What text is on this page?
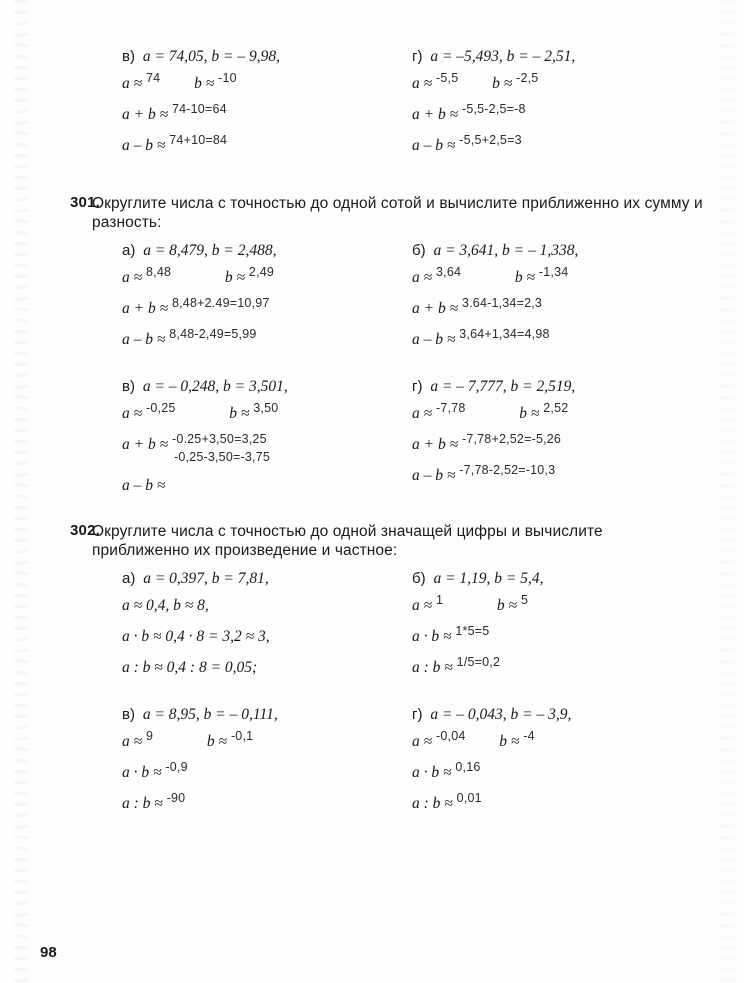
в) a = 74,05, b = – 9,98,
a ≈ $^{74}$ b ≈ $^{-10}$
a + b ≈ $^{74-10=64}$
a – b ≈ $^{74+10=84}$
г) a = –5,493, b = – 2,51,
a ≈ $^{-5,5}$ b ≈ $^{-2,5}$
a + b ≈ $^{-5,5-2,5=-8}$
a – b ≈ $^{-5,5+2,5=3}$
301.
Округлите числа с точностью до одной сотой и вычислите приближенно их сумму и разность:
а) a = 8,479, b = 2,488,
a ≈ $^{8,48}$	b ≈ $^{2,49}$
a + b ≈ $^{8,48+2.49=10,97}$
a – b ≈ $^{8,48-2,49=5,99}$
б) a = 3,641, b = – 1,338,
a ≈ $^{3,64}$	b ≈ $^{-1,34}$
a + b ≈ $^{3.64-1,34=2,3}$
a – b ≈ $^{3,64+1,34=4,98}$
в) a = – 0,248, b = 3,501,
a ≈ $^{-0,25}$	b ≈ $^{3,50}$
a + b ≈ $^{-0.25+3,50=3,25}$
-0,25-3,50=-3,75
a – b ≈
г) a = – 7,777, b = 2,519,
a ≈ $^{-7,78}$	b ≈ $^{2,52}$
a + b ≈ $^{-7,78+2,52=-5,26}$
a – b ≈ $^{-7,78-2,52=-10,3}$
302.
Округлите числа с точностью до одной значащей цифры и вычислите приближенно их произведение и частное:
а) a = 0,397, b = 7,81,
a ≈ 0,4, b ≈ 8,
a · b ≈ 0,4 · 8 = 3,2 ≈ 3,
a : b ≈ 0,4 : 8 = 0,05;
б) a = 1,19, b = 5,4,
a ≈ $^1$	b ≈ $^5$
a · b ≈ $^{1*5=5}$
a : b ≈ $^{1/5=0,2}$
в) a = 8,95, b = – 0,111,
a ≈ $^9$	b ≈ $^{-0,1}$
a · b ≈ $^{-0,9}$
a : b ≈ $^{-90}$
г) a = – 0,043, b = – 3,9,
a ≈ $^{-0,04}$ b ≈ $^{-4}$
a · b ≈ $^{0,16}$
a : b ≈ $^{0,01}$
98
